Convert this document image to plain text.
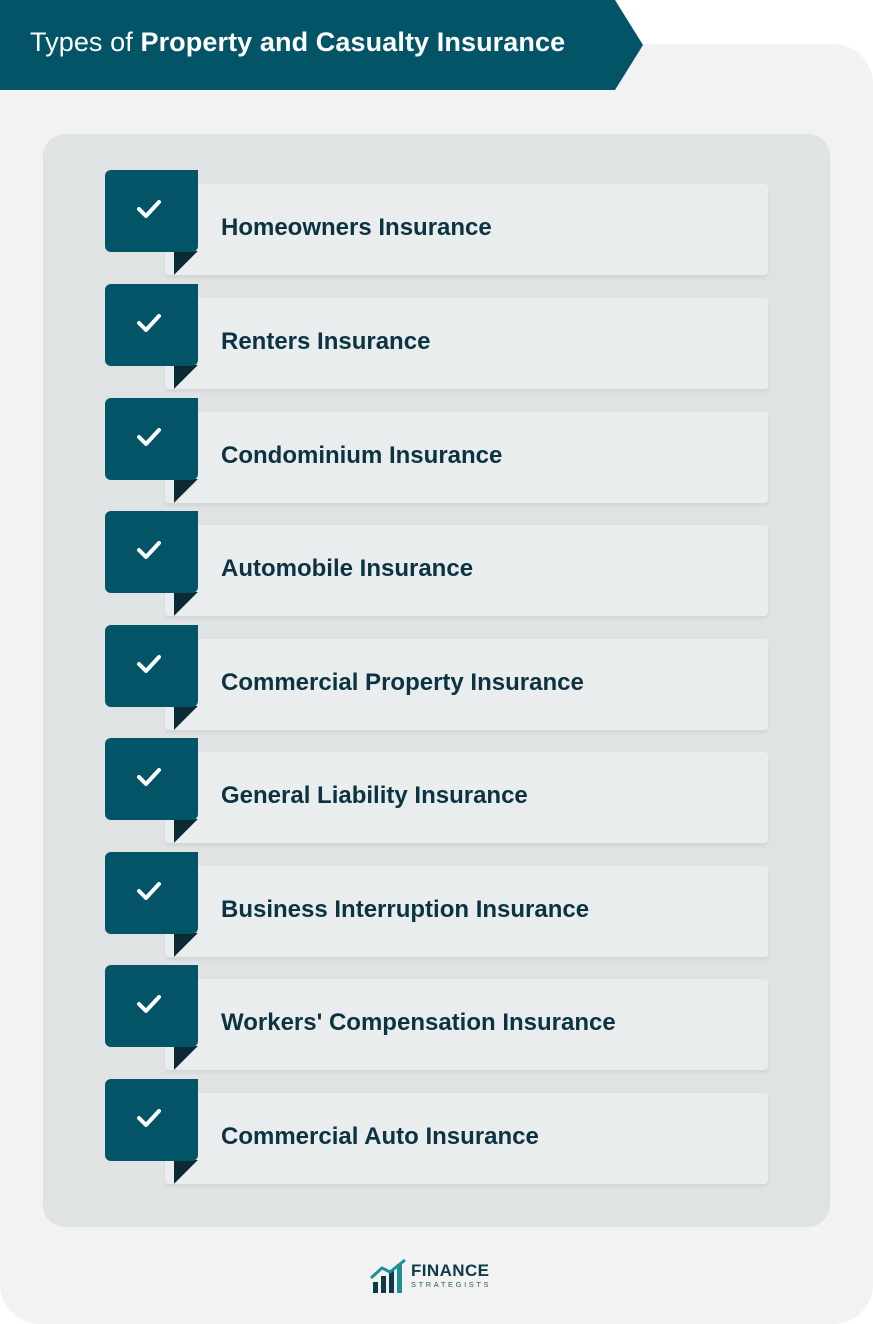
Types of Property and Casualty Insurance
Homeowners Insurance
Renters Insurance
Condominium Insurance
Automobile Insurance
Commercial Property Insurance
General Liability Insurance
Business Interruption Insurance
Workers' Compensation Insurance
Commercial Auto Insurance
FINANCE
STRATEGISTS
